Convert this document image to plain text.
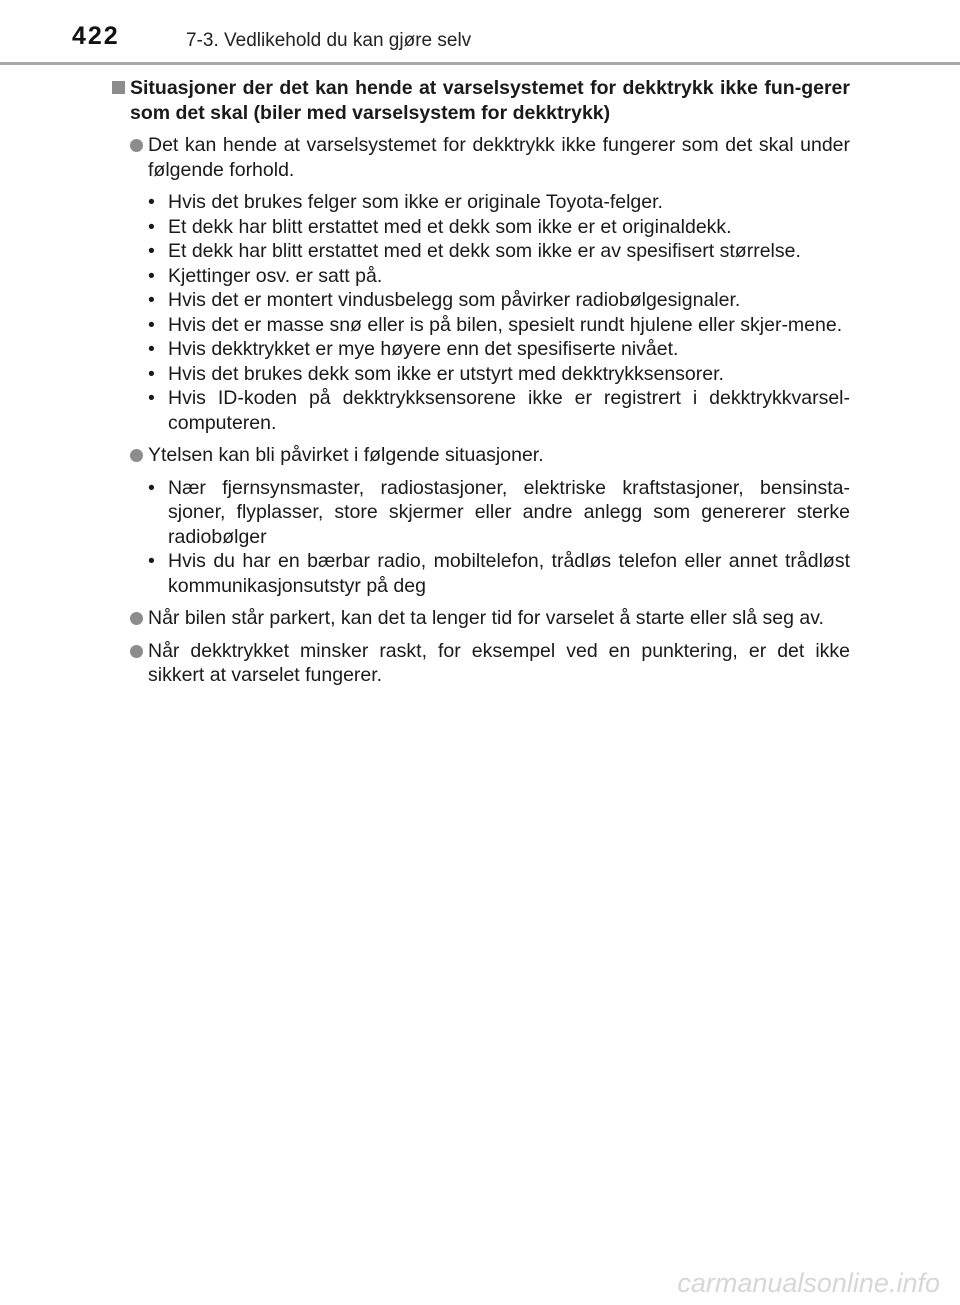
422	7-3. Vedlikehold du kan gjøre selv
Situasjoner der det kan hende at varselsystemet for dekktrykk ikke fun-gerer som det skal (biler med varselsystem for dekktrykk)
Det kan hende at varselsystemet for dekktrykk ikke fungerer som det skal under følgende forhold.
• Hvis det brukes felger som ikke er originale Toyota-felger.
• Et dekk har blitt erstattet med et dekk som ikke er et originaldekk.
• Et dekk har blitt erstattet med et dekk som ikke er av spesifisert størrelse.
• Kjettinger osv. er satt på.
• Hvis det er montert vindusbelegg som påvirker radiobølgesignaler.
• Hvis det er masse snø eller is på bilen, spesielt rundt hjulene eller skjer-mene.
• Hvis dekktrykket er mye høyere enn det spesifiserte nivået.
• Hvis det brukes dekk som ikke er utstyrt med dekktrykksensorer.
• Hvis ID-koden på dekktrykksensorene ikke er registrert i dekktrykkvarsel-computeren.
Ytelsen kan bli påvirket i følgende situasjoner.
• Nær fjernsynsmaster, radiostasjoner, elektriske kraftstasjoner, bensinsta-sjoner, flyplasser, store skjermer eller andre anlegg som genererer sterke radiobølger
• Hvis du har en bærbar radio, mobiltelefon, trådløs telefon eller annet trådløst kommunikasjonsutstyr på deg
Når bilen står parkert, kan det ta lenger tid for varselet å starte eller slå seg av.
Når dekktrykket minsker raskt, for eksempel ved en punktering, er det ikke sikkert at varselet fungerer.
carmanualsonline.info
